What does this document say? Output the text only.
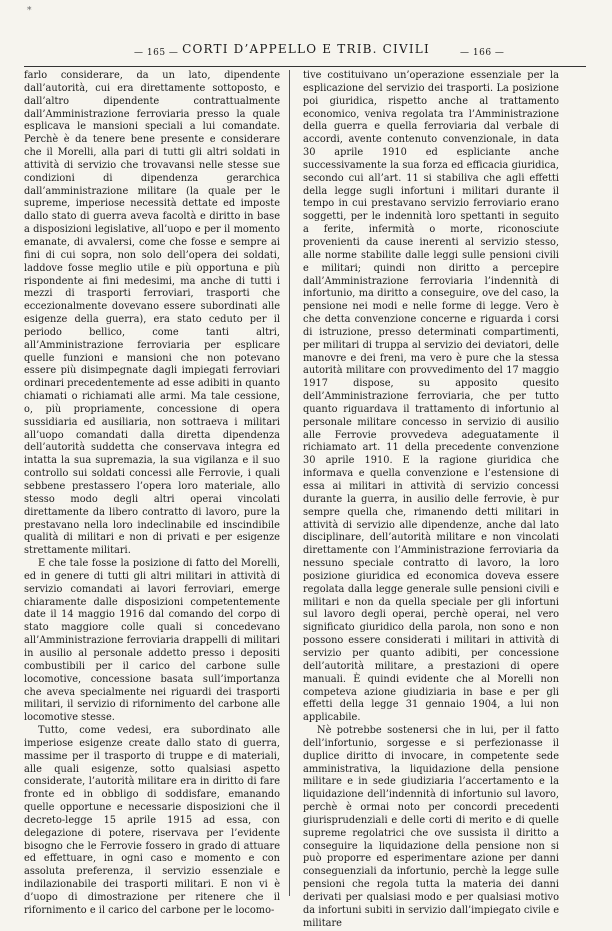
*
— 165 — CORTI D’APPELLO E TRIB. CIVILI	— 166 —

farlo considerare, da un lato, dipendente dall’autorità, cui era direttamente sottoposto, e dall’altro dipendente contrattualmente dall’Amministrazione ferroviaria presso la quale esplicava le mansioni speciali a lui comandate. Perchè è da tenere bene presente e considerare che il Morelli, alla pari di tutti gli altri soldati in attività di servizio che trovavansi nelle stesse sue condizioni di dipendenza gerarchica dall’amministrazione militare (la quale per le supreme, imperiose necessità dettate ed imposte dallo stato di guerra aveva facoltà e diritto in base a disposizioni legislative, all’uopo e per il momento emanate, di avvalersi, come che fosse e sempre ai fini di cui sopra, non solo dell’opera dei soldati, laddove fosse meglio utile e più opportuna e più rispondente ai fini medesimi, ma anche di tutti i mezzi di trasporti ferroviari, trasporti che eccezionalmente dovevano essere subordinati alle esigenze della guerra), era stato ceduto per il periodo bellico, come tanti altri, all’Amministrazione ferroviaria per esplicare quelle funzioni e mansioni che non potevano essere più disimpegnate dagli impiegati ferroviari ordinari precedentemente ad esse adibiti in quanto chiamati o richiamati alle armi. Ma tale cessione, o, più propriamente, concessione di opera sussidiaria ed ausiliaria, non sottraeva i militari all’uopo comandati dalla diretta dipendenza dell’autorità suddetta che conservava integra ed intatta la sua supremazia, la sua vigilanza e il suo controllo sui soldati concessi alle Ferrovie, i quali sebbene prestassero l’opera loro materiale, allo stesso modo degli altri operai vincolati direttamente da libero contratto di lavoro, pure la prestavano nella loro indeclinabile ed inscindibile qualità di militari e non di privati e per esigenze strettamente militari.

E che tale fosse la posizione di fatto del Morelli, ed in genere di tutti gli altri militari in attività di servizio comandati ai lavori ferroviari, emerge chiaramente dalle disposizioni competentemente date il 14 maggio 1916 dal comando del corpo di stato maggiore colle quali si concedevano all’Amministrazione ferroviaria drappelli di militari in ausilio al personale addetto presso i depositi combustibili per il carico del carbone sulle locomotive, concessione basata sull’importanza che aveva specialmente nei riguardi dei trasporti militari, il servizio di rifornimento del carbone alle locomotive stesse.

Tutto, come vedesi, era subordinato alle imperiose esigenze create dallo stato di guerra, massime per il trasporto di truppe e di materiali, alle quali esigenze, sotto qualsiasi aspetto considerate, l’autorità militare era in diritto di fare fronte ed in obbligo di soddisfare, emanando quelle opportune e necessarie disposizioni che il decreto-legge 15 aprile 1915 ad essa, con delegazione di potere, riservava per l’evidente bisogno che le Ferrovie fossero in grado di attuare ed effettuare, in ogni caso e momento e con assoluta preferenza, il servizio essenziale e indilazionabile dei trasporti militari. E non vi è d’uopo di dimostrazione per ritenere che il rifornimento e il carico del carbone per le locomo-

tive costituivano un’operazione essenziale per la esplicazione del servizio dei trasporti. La posizione poi giuridica, rispetto anche al trattamento economico, veniva regolata tra l’Amministrazione della guerra e quella ferroviaria dal verbale di accordi, avente contenuto convenzionale, in data 30 aprile 1910 ed espliciante anche successivamente la sua forza ed efficacia giuridica, secondo cui all’art. 11 si stabiliva che agli effetti della legge sugli infortuni i militari durante il tempo in cui prestavano servizio ferroviario erano soggetti, per le indennità loro spettanti in seguito a ferite, infermità o morte, riconosciute provenienti da cause inerenti al servizio stesso, alle norme stabilite dalle leggi sulle pensioni civili e militari; quindi non diritto a percepire dall’Amministrazione ferroviaria l’indennità di infortunio, ma diritto a conseguire, ove del caso, la pensione nei modi e nelle forme di legge. Vero è che detta convenzione concerne e riguarda i corsi di istruzione, presso determinati compartimenti, per militari di truppa al servizio dei deviatori, delle manovre e dei freni, ma vero è pure che la stessa autorità militare con provvedimento del 17 maggio 1917 dispose, su apposito quesito dell’Amministrazione ferroviaria, che per tutto quanto riguardava il trattamento di infortunio al personale militare concesso in servizio di ausilio alle Ferrovie provvedeva adeguatamente il richiamato art. 11 della precedente convenzione 30 aprile 1910. E la ragione giuridica che informava e quella convenzione e l’estensione di essa ai militari in attività di servizio concessi durante la guerra, in ausilio delle ferrovie, è pur sempre quella che, rimanendo detti militari in attività di servizio alle dipendenze, anche dal lato disciplinare, dell’autorità militare e non vincolati direttamente con l’Amministrazione ferroviaria da nessuno speciale contratto di lavoro, la loro posizione giuridica ed economica doveva essere regolata dalla legge generale sulle pensioni civili e militari e non da quella speciale per gli infortuni sul lavoro degli operai, perchè operai, nel vero significato giuridico della parola, non sono e non possono essere considerati i militari in attività di servizio per quanto adibiti, per concessione dell’autorità militare, a prestazioni di opere manuali. È quindi evidente che al Morelli non competeva azione giudiziaria in base e per gli effetti della legge 31 gennaio 1904, a lui non applicabile.

Nè potrebbe sostenersi che in lui, per il fatto dell’infortunio, sorgesse e si perfezionasse il duplice diritto di invocare, in competente sede amministrativa, la liquidazione della pensione militare e in sede giudiziaria l’accertamento e la liquidazione dell’indennità di infortunio sul lavoro, perchè è ormai noto per concordi precedenti giurisprudenziali e delle corti di merito e di quelle supreme regolatrici che ove sussista il diritto a conseguire la liquidazione della pensione non si può proporre ed esperimentare azione per danni conseguenziali da infortunio, perchè la legge sulle pensioni che regola tutta la materia dei danni derivati per qualsiasi modo e per qualsiasi motivo da infortuni subiti in servizio dall’impiegato civile e militare
